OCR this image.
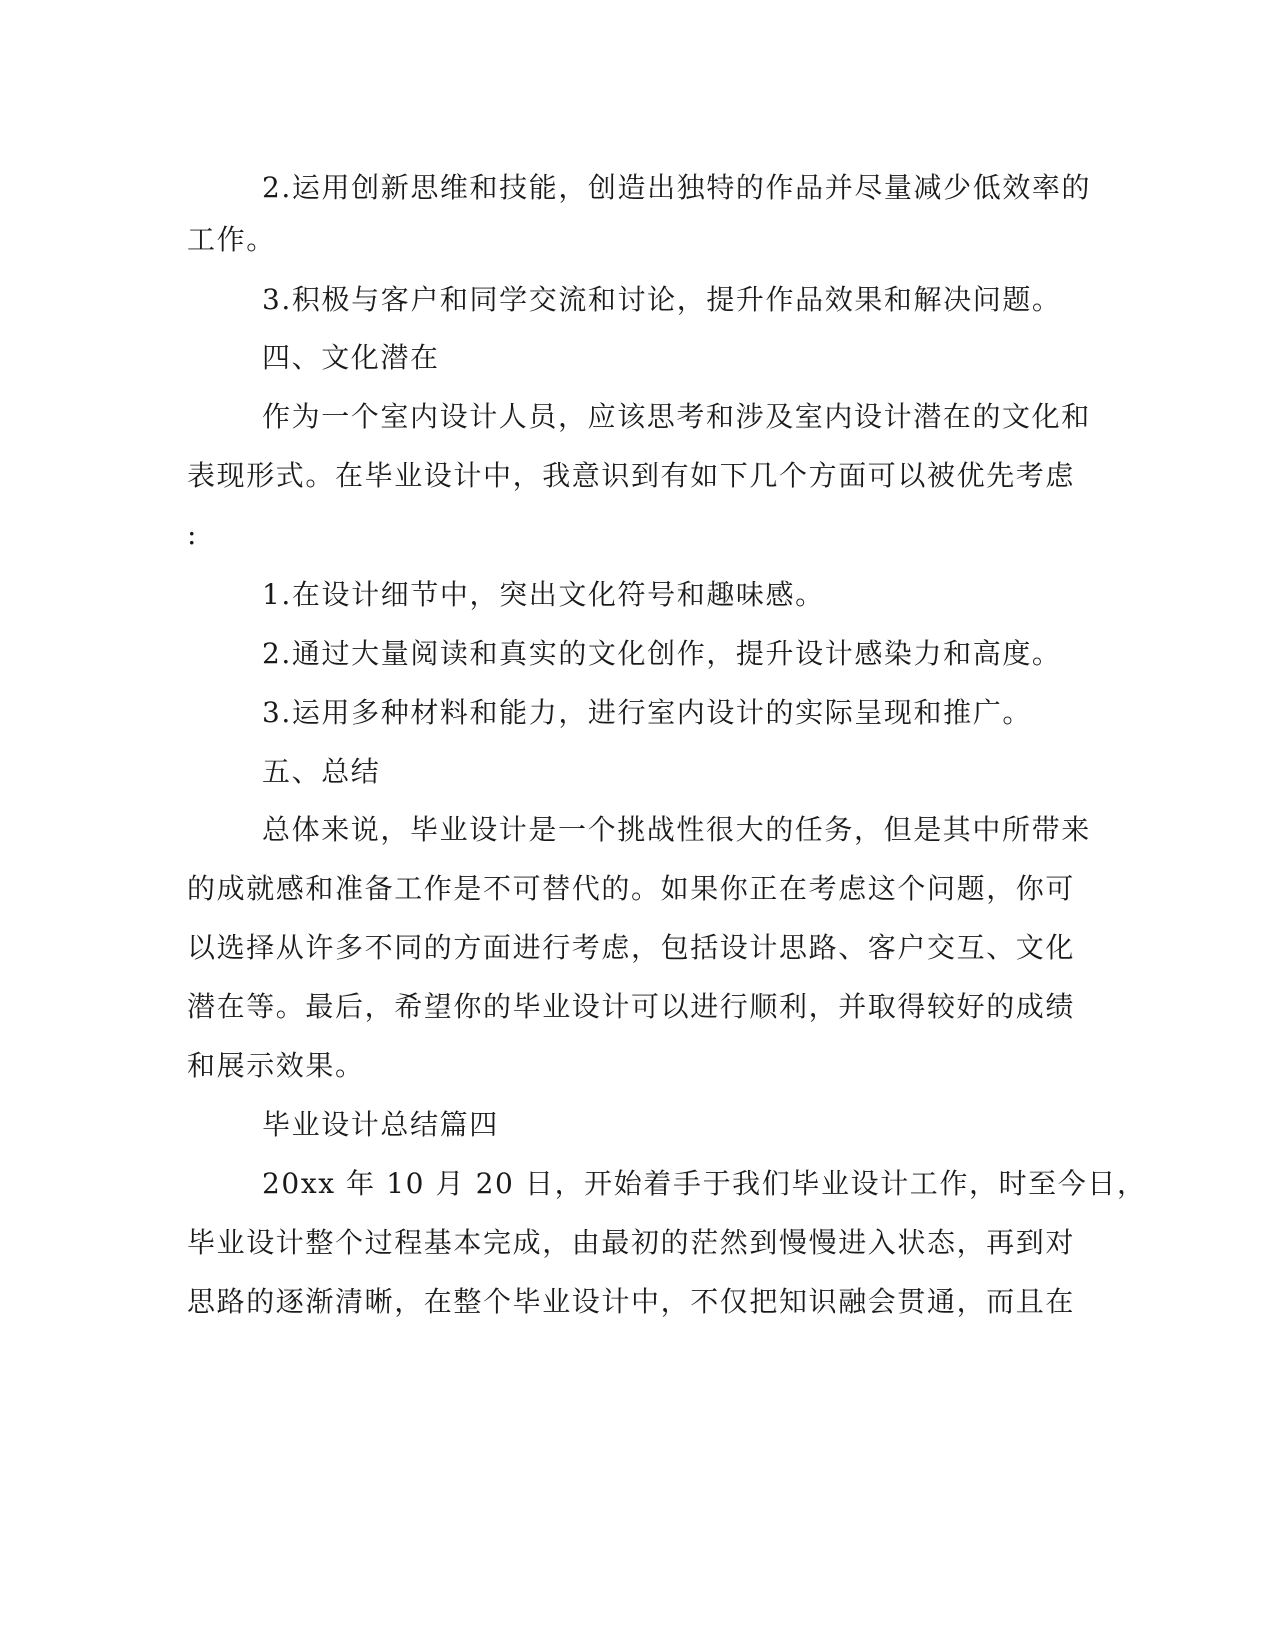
2.运用创新思维和技能，创造出独特的作品并尽量减少低效率的
工作。
3.积极与客户和同学交流和讨论，提升作品效果和解决问题。
四、文化潜在
作为一个室内设计人员，应该思考和涉及室内设计潜在的文化和
表现形式。在毕业设计中，我意识到有如下几个方面可以被优先考虑
:
1.在设计细节中，突出文化符号和趣味感。
2.通过大量阅读和真实的文化创作，提升设计感染力和高度。
3.运用多种材料和能力，进行室内设计的实际呈现和推广。
五、总结
总体来说，毕业设计是一个挑战性很大的任务，但是其中所带来
的成就感和准备工作是不可替代的。如果你正在考虑这个问题，你可
以选择从许多不同的方面进行考虑，包括设计思路、客户交互、文化
潜在等。最后，希望你的毕业设计可以进行顺利，并取得较好的成绩
和展示效果。
毕业设计总结篇四
20xx 年 10 月 20 日，开始着手于我们毕业设计工作，时至今日，
毕业设计整个过程基本完成，由最初的茫然到慢慢进入状态，再到对
思路的逐渐清晰，在整个毕业设计中，不仅把知识融会贯通，而且在
